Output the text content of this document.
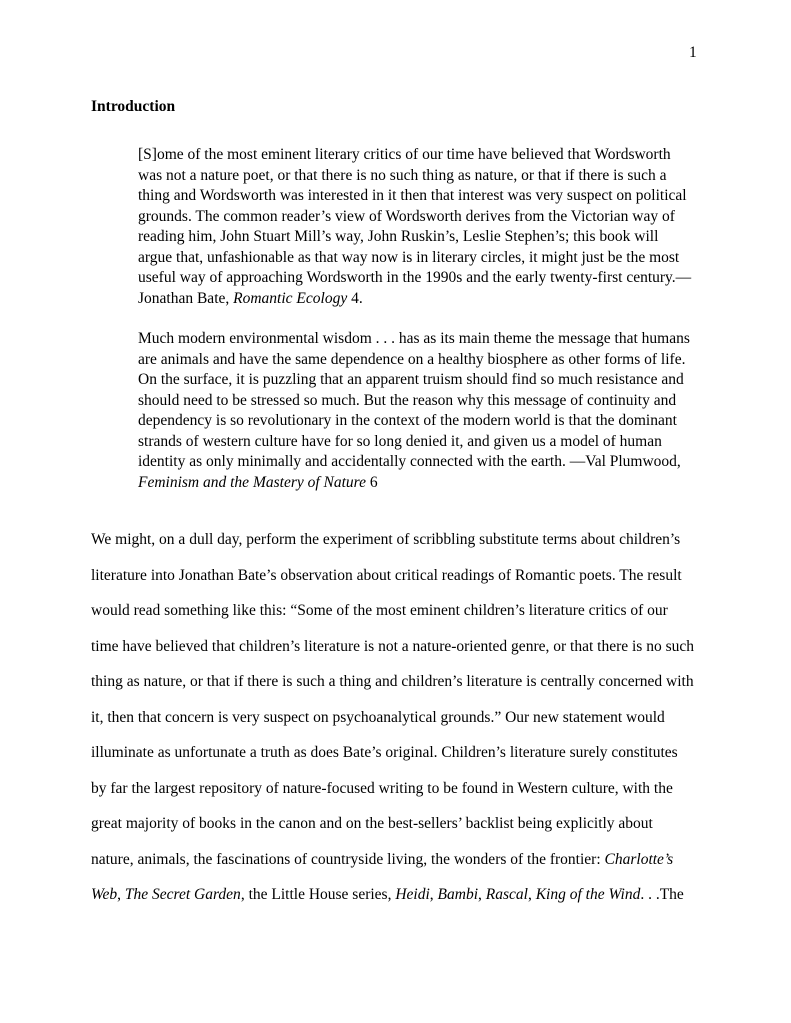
1
Introduction
[S]ome of the most eminent literary critics of our time have believed that Wordsworth
was not a nature poet, or that there is no such thing as nature, or that if there is such a
thing and Wordsworth was interested in it then that interest was very suspect on political
grounds. The common reader’s view of Wordsworth derives from the Victorian way of
reading him, John Stuart Mill’s way, John Ruskin’s, Leslie Stephen’s; this book will
argue that, unfashionable as that way now is in literary circles, it might just be the most
useful way of approaching Wordsworth in the 1990s and the early twenty-first century.—
Jonathan Bate, Romantic Ecology 4.
Much modern environmental wisdom . . . has as its main theme the message that humans
are animals and have the same dependence on a healthy biosphere as other forms of life.
On the surface, it is puzzling that an apparent truism should find so much resistance and
should need to be stressed so much. But the reason why this message of continuity and
dependency is so revolutionary in the context of the modern world is that the dominant
strands of western culture have for so long denied it, and given us a model of human
identity as only minimally and accidentally connected with the earth. —Val Plumwood,
Feminism and the Mastery of Nature 6
We might, on a dull day, perform the experiment of scribbling substitute terms about children’s
literature into Jonathan Bate’s observation about critical readings of Romantic poets. The result
would read something like this: “Some of the most eminent children’s literature critics of our
time have believed that children’s literature is not a nature-oriented genre, or that there is no such
thing as nature, or that if there is such a thing and children’s literature is centrally concerned with
it, then that concern is very suspect on psychoanalytical grounds.” Our new statement would
illuminate as unfortunate a truth as does Bate’s original. Children’s literature surely constitutes
by far the largest repository of nature-focused writing to be found in Western culture, with the
great majority of books in the canon and on the best-sellers’ backlist being explicitly about
nature, animals, the fascinations of countryside living, the wonders of the frontier: Charlotte’s
Web, The Secret Garden, the Little House series, Heidi, Bambi, Rascal, King of the Wind. . .The
